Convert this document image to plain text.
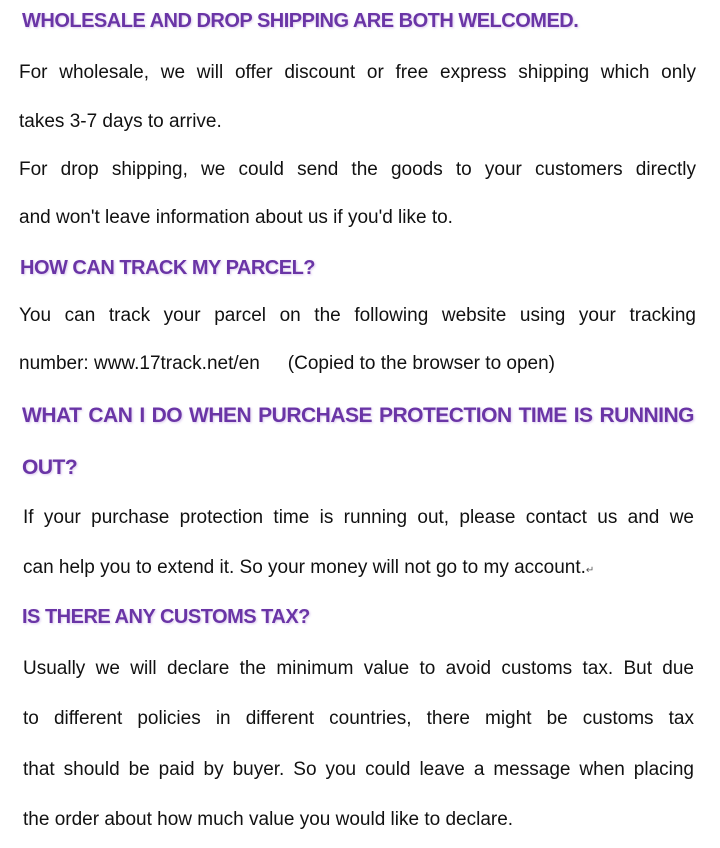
WHOLESALE AND DROP SHIPPING ARE BOTH WELCOMED.

For wholesale, we will offer discount or free express shipping which only

takes 3-7 days to arrive.

For drop shipping, we could send the goods to your customers directly

and won't leave information about us if you'd like to.

HOW CAN TRACK MY PARCEL?

You can track your parcel on the following website using your tracking

number: www.17track.net/en (Copied to the browser to open)

WHAT CAN I DO WHEN PURCHASE PROTECTION TIME IS RUNNING
OUT?

If your purchase protection time is running out, please contact us and we

can help you to extend it. So your money will not go to my account.↵

IS THERE ANY CUSTOMS TAX?

Usually we will declare the minimum value to avoid customs tax. But due

to different policies in different countries, there might be customs tax

that should be paid by buyer. So you could leave a message when placing

the order about how much value you would like to declare.
